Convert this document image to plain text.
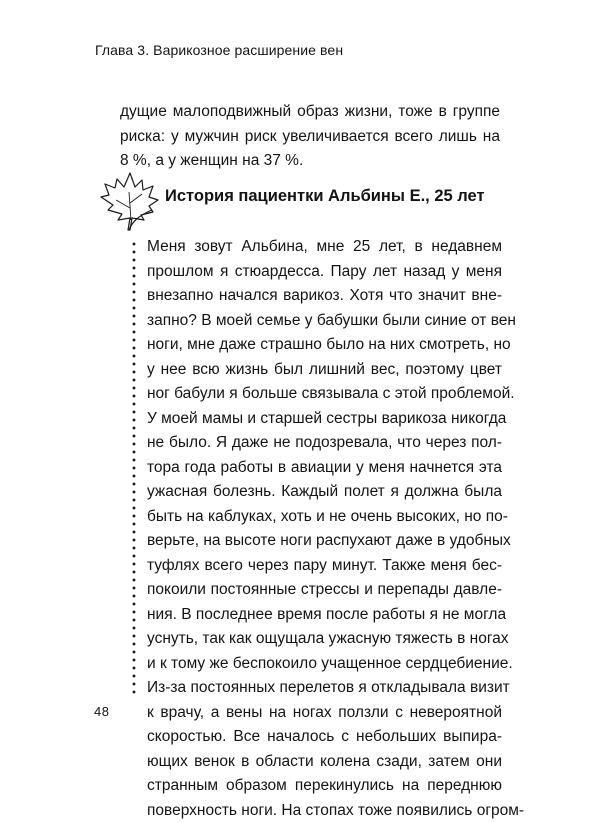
Глава 3. Варикозное расширение вен
дущие малоподвижный образ жизни, тоже в группе
риска: у мужчин риск увеличивается всего лишь на
8 %, а у женщин на 37 %.
История пациентки Альбины Е., 25 лет
Меня зовут Альбина, мне 25 лет, в недавнем
прошлом я стюардесса. Пару лет назад у меня
внезапно начался варикоз. Хотя что значит вне-
запно? В моей семье у бабушки были синие от вен
ноги, мне даже страшно было на них смотреть, но
у нее всю жизнь был лишний вес, поэтому цвет
ног бабули я больше связывала с этой проблемой.
У моей мамы и старшей сестры варикоза никогда
не было. Я даже не подозревала, что через пол-
тора года работы в авиации у меня начнется эта
ужасная болезнь. Каждый полет я должна была
быть на каблуках, хоть и не очень высоких, но по-
верьте, на высоте ноги распухают даже в удобных
туфлях всего через пару минут. Также меня бес-
покоили постоянные стрессы и перепады давле-
ния. В последнее время после работы я не могла
уснуть, так как ощущала ужасную тяжесть в ногах
и к тому же беспокоило учащенное сердцебиение.
Из-за постоянных перелетов я откладывала визит
к врачу, а вены на ногах ползли с невероятной
скоростью. Все началось с небольших выпира-
ющих венок в области колена сзади, затем они
странным образом перекинулись на переднюю
поверхность ноги. На стопах тоже появились огром-
48
